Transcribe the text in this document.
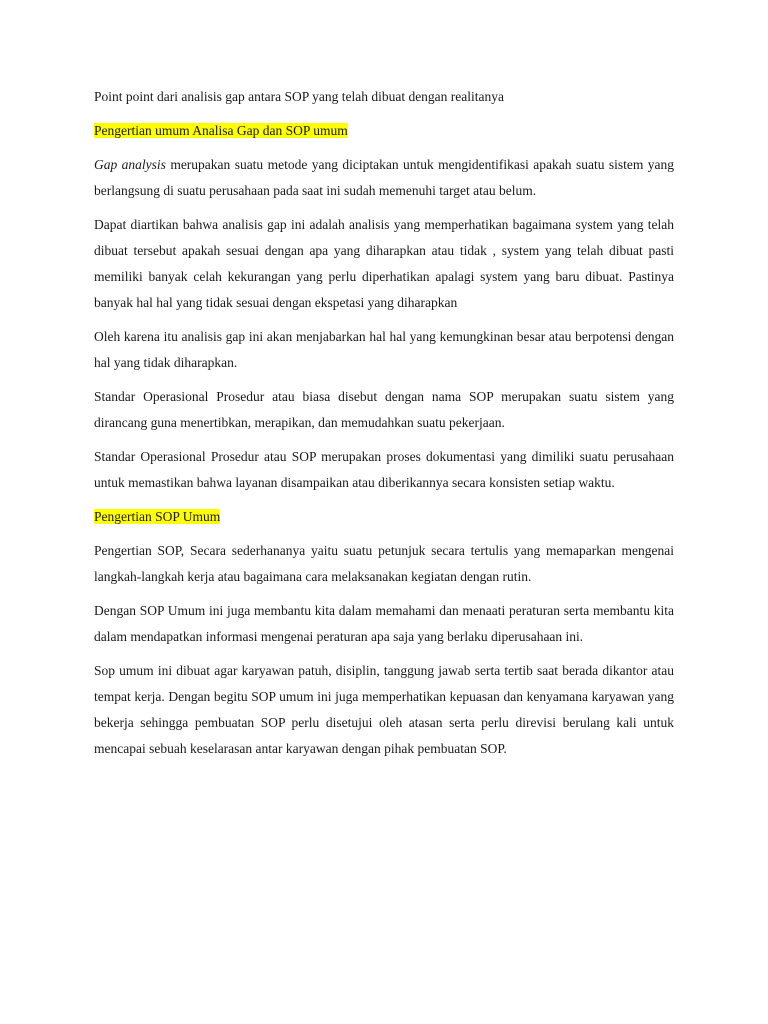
Point point dari analisis gap antara SOP yang telah dibuat dengan realitanya

Pengertian umum Analisa Gap dan SOP umum

Gap analysis merupakan suatu metode yang diciptakan untuk mengidentifikasi apakah suatu sistem yang berlangsung di suatu perusahaan pada saat ini sudah memenuhi target atau belum.

Dapat diartikan bahwa analisis gap ini adalah analisis yang memperhatikan bagaimana system yang telah dibuat tersebut apakah sesuai dengan apa yang diharapkan atau tidak , system yang telah dibuat pasti memiliki banyak celah kekurangan yang perlu diperhatikan apalagi system yang baru dibuat. Pastinya banyak hal hal yang tidak sesuai dengan ekspetasi yang diharapkan

Oleh karena itu analisis gap ini akan menjabarkan hal hal yang kemungkinan besar atau berpotensi dengan hal yang tidak diharapkan.

Standar Operasional Prosedur atau biasa disebut dengan nama SOP merupakan suatu sistem yang dirancang guna menertibkan, merapikan, dan memudahkan suatu pekerjaan.

Standar Operasional Prosedur atau SOP merupakan proses dokumentasi yang dimiliki suatu perusahaan untuk memastikan bahwa layanan disampaikan atau diberikannya secara konsisten setiap waktu.

Pengertian SOP Umum

Pengertian SOP, Secara sederhananya yaitu suatu petunjuk secara tertulis yang memaparkan mengenai langkah-langkah kerja atau bagaimana cara melaksanakan kegiatan dengan rutin.

Dengan SOP Umum ini juga membantu kita dalam memahami dan menaati peraturan serta membantu kita dalam mendapatkan informasi mengenai peraturan apa saja yang berlaku diperusahaan ini.

Sop umum ini dibuat agar karyawan patuh, disiplin, tanggung jawab serta tertib saat berada dikantor atau tempat kerja. Dengan begitu SOP umum ini juga memperhatikan kepuasan dan kenyamana karyawan yang bekerja sehingga pembuatan SOP perlu disetujui oleh atasan serta perlu direvisi berulang kali untuk mencapai sebuah keselarasan antar karyawan dengan pihak pembuatan SOP.
